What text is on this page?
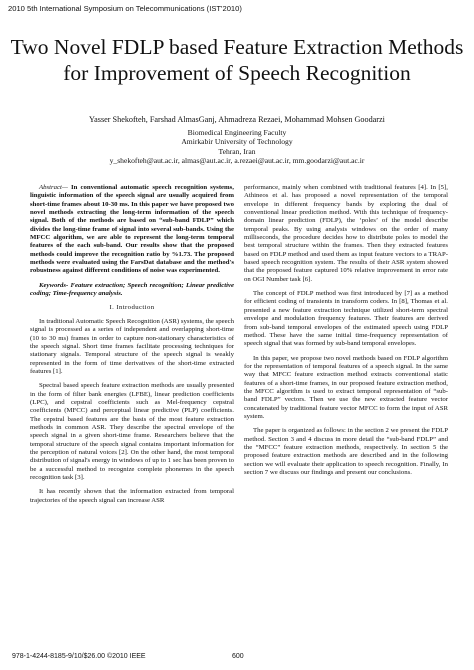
2010 5th International Symposium on Telecommunications (IST'2010)
Two Novel FDLP based Feature Extraction Methods
for Improvement of Speech Recognition
Yasser Shekofteh, Farshad AlmasGanj, Ahmadreza Rezaei, Mohammad Mohsen Goodarzi
Biomedical Engineering Faculty
Amirkabir University of Technology
Tehran, Iran
y_shekofteh@aut.ac.ir, almas@aut.ac.ir, a.rezaei@aut.ac.ir, mm.goodarzi@aut.ac.ir

Abstract— In conventional automatic speech recognition systems, linguistic information of the speech signal are usually acquired from short-time frames about 10-30 ms. In this paper we have proposed two novel methods extracting the long-term information of the speech signal. Both of the methods are based on “sub-band FDLP” which divides the long-time frame of signal into several sub-bands. Using the MFCC algorithm, we are able to represent the long-term temporal features of the each sub-band. Our results show that the proposed methods could improve the recognition ratio by %1.73. The proposed methods were evaluated using the FarsDat database and the method's robustness against different conditions of noise was experimented.

Keywords- Feature extraction; Speech recognition; Linear predictive coding; Time-frequency analysis.

I. Introduction

In traditional Automatic Speech Recognition (ASR) systems, the speech signal is processed as a series of independent and overlapping short-time (10 to 30 ms) frames in order to capture non-stationary characteristics of the speech signal. Short time frames facilitate processing techniques for stationary signals. Temporal structure of the speech signal is weakly represented in the form of time derivatives of the short-time extracted features [1].

Spectral based speech feature extraction methods are usually presented in the form of filter bank energies (LFBE), linear prediction coefficients (LPC), and cepstral coefficients such as Mel-frequency cepstral coefficients (MFCC) and perceptual linear predictive (PLP) coefficients. The cepstral based features are the basis of the most feature extraction methods in common ASR. They describe the spectral envelope of the speech signal in a given short-time frame. Researchers believe that the temporal structure of the speech signal contains important information for the perception of natural voices [2]. On the other hand, the most temporal distribution of signal's energy in windows of up to 1 sec has been proven to be a successful method to recognize complete phonemes in the speech recognition task [3].

It has recently shown that the information extracted from temporal trajectories of the speech signal can increase ASR

performance, mainly when combined with traditional features [4]. In [5], Athineos et al. has proposed a novel representation of the temporal envelope in different frequency bands by exploring the dual of conventional linear prediction method. With this technique of frequency-domain linear prediction (FDLP), the ‘poles’ of the model describe temporal peaks. By using analysis windows on the order of many milliseconds, the procedure decides how to distribute poles to model the best temporal structure within the frames. Then they extracted features based on FDLP method and used them as input feature vectors to a TRAP-based speech recognition system. The results of their ASR system showed that the proposed feature captured 10% relative improvement in error rate on OGI Number task [6].

The concept of FDLP method was first introduced by [7] as a method for efficient coding of transients in transform coders. In [8], Thomas et al. presented a new feature extraction technique utilized short-term spectral envelope and modulation frequency features. Their features are derived from sub-band temporal envelopes of the estimated speech using FDLP method. These have the same initial time-frequency representation of speech signal that was formed by sub-band temporal envelopes.

In this paper, we propose two novel methods based on FDLP algorithm for the representation of temporal features of a speech signal. In the same way that MFCC feature extraction method extracts conventional static features of a short-time frames, in our proposed feature extraction method, the MFCC algorithm is used to extract temporal representation of “sub-band FDLP” vectors. Then we use the new extracted feature vector concatenated by traditional feature vector MFCC to form the input of ASR system.

The paper is organized as follows: in the section 2 we present the FDLP method. Section 3 and 4 discuss in more detail the “sub-band FDLP” and the “MFCC” feature extraction methods, respectively. In section 5 the proposed feature extraction methods are described and in the following section we will evaluate their application to speech recognition. Finally, In section 7 we discuss our findings and present our conclusions.

978-1-4244-8185-9/10/$26.00 ©2010 IEEE	600
